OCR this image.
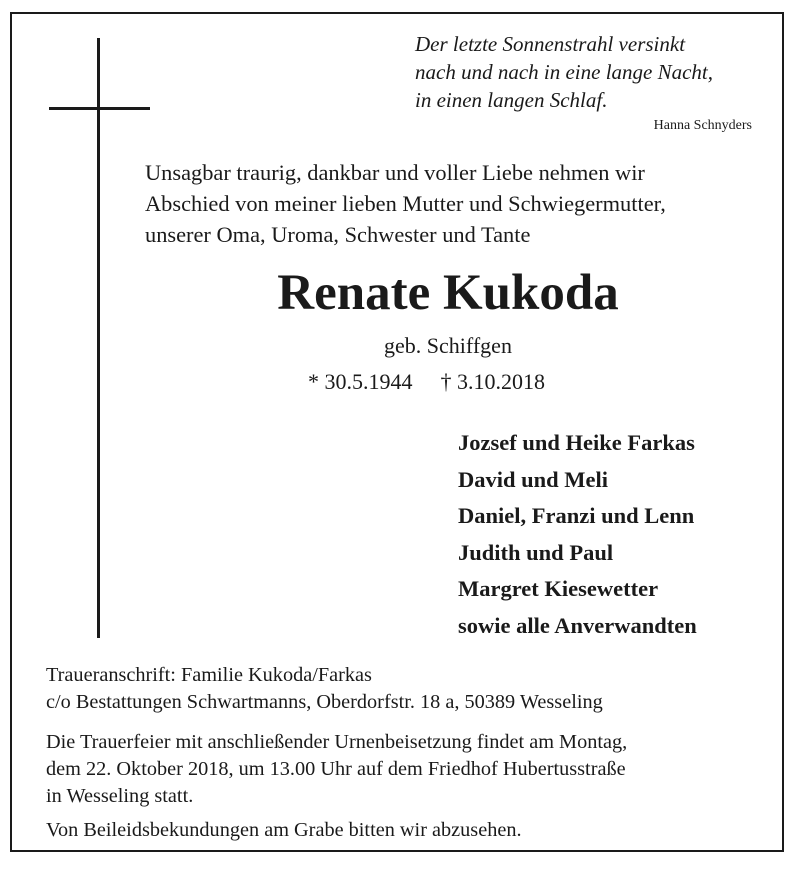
Der letzte Sonnenstrahl versinkt
nach und nach in eine lange Nacht,
in einen langen Schlaf.
Hanna Schnyders
Unsagbar traurig, dankbar und voller Liebe nehmen wir
Abschied von meiner lieben Mutter und Schwiegermutter,
unserer Oma, Uroma, Schwester und Tante
Renate Kukoda
geb. Schiffgen
* 30.5.1944 † 3.10.2018
Jozsef und Heike Farkas
David und Meli
Daniel, Franzi und Lenn
Judith und Paul
Margret Kiesewetter
sowie alle Anverwandten
Traueranschrift: Familie Kukoda/Farkas
c/o Bestattungen Schwartmanns, Oberdorfstr. 18 a, 50389 Wesseling
Die Trauerfeier mit anschließender Urnenbeisetzung findet am Montag,
dem 22. Oktober 2018, um 13.00 Uhr auf dem Friedhof Hubertusstraße
in Wesseling statt.
Von Beileidsbekundungen am Grabe bitten wir abzusehen.
